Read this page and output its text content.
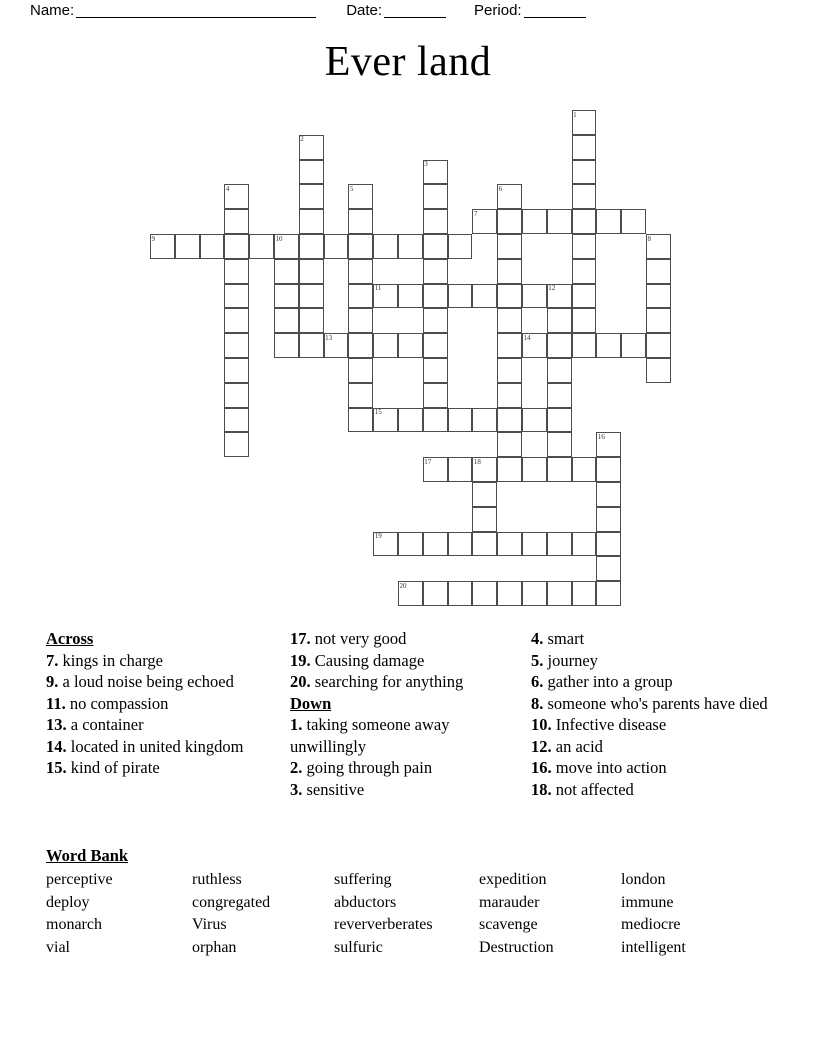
Name:	Date:	Period:
Ever land
1
2
3
4	5	6
7
8
9	10
11	12
13	14
15
16
17	18
19
20
Across
7. kings in charge
9. a loud noise being echoed
11. no compassion
13. a container
14. located in united kingdom
15. kind of pirate
17. not very good
19. Causing damage
20. searching for anything
Down
1. taking someone away unwillingly
2. going through pain
3. sensitive
4. smart
5. journey
6. gather into a group
8. someone who's parents have died
10. Infective disease
12. an acid
16. move into action
18. not affected
Word Bank
perceptive	ruthless	suffering	expedition	london
deploy	congregated	abductors	marauder	immune
monarch	Virus	reververberates	scavenge	mediocre
vial	orphan	sulfuric	Destruction	intelligent
